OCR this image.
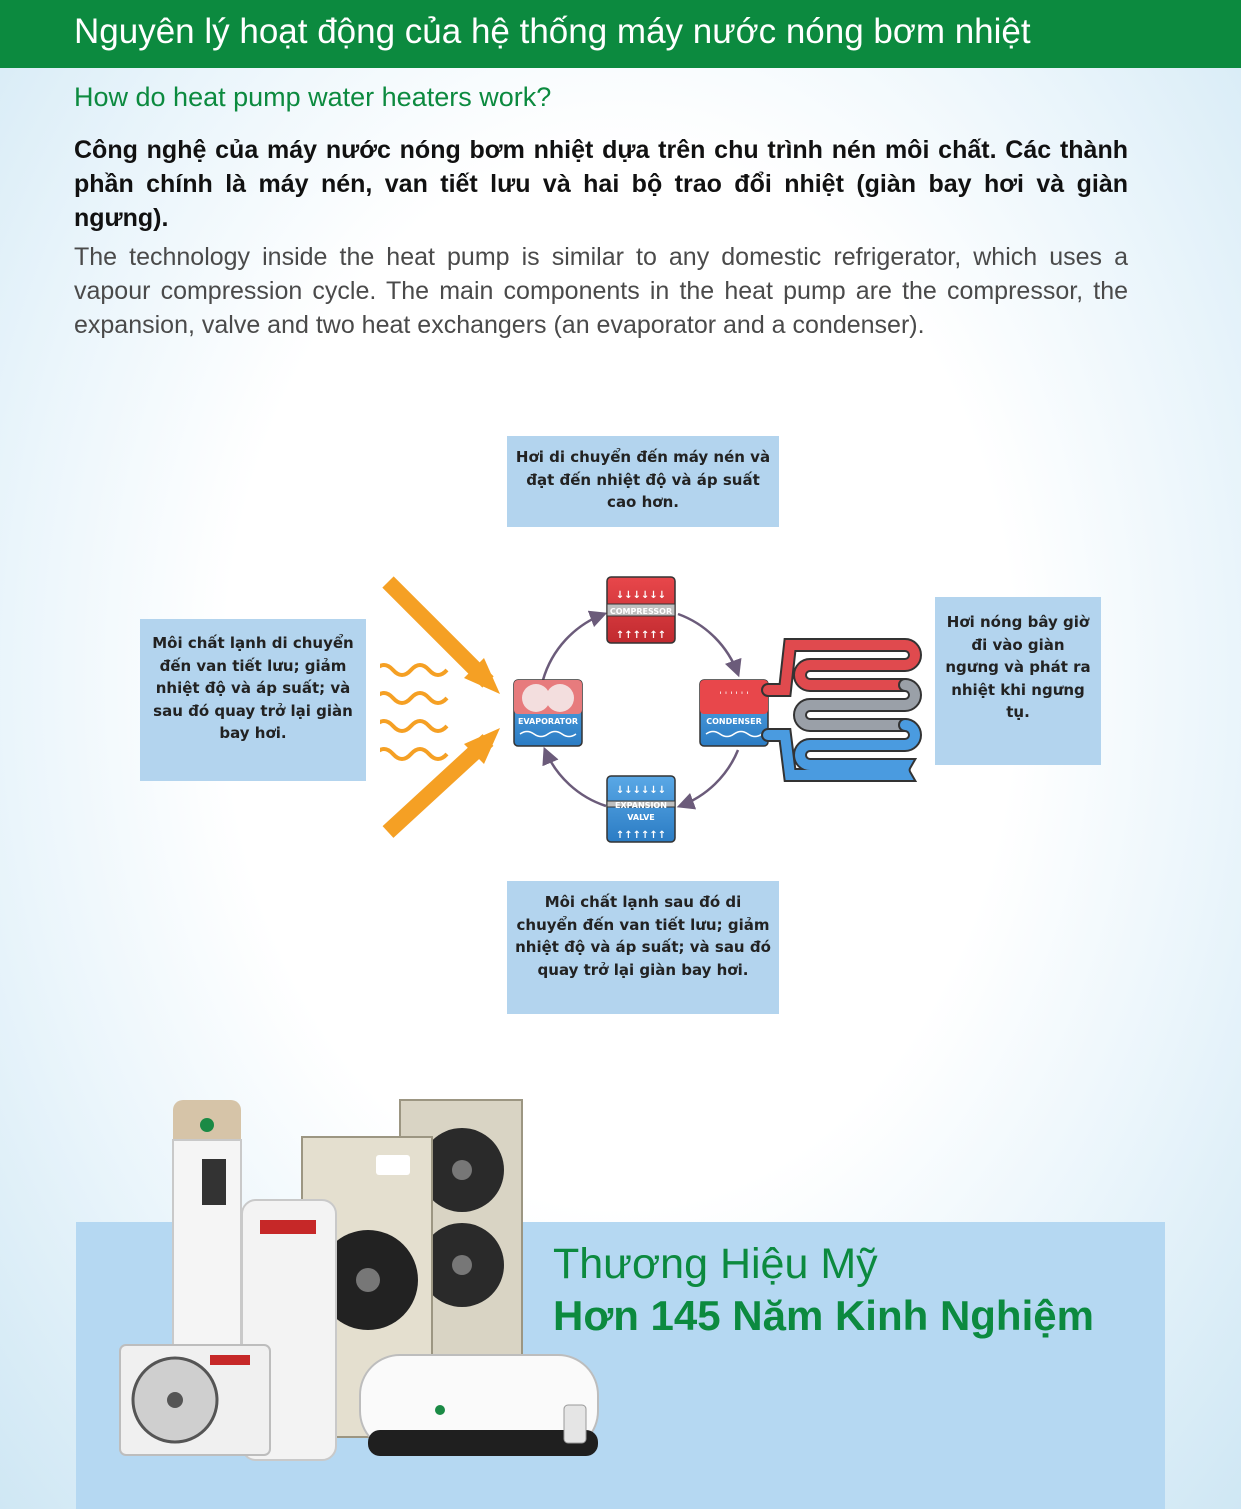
Nguyên lý hoạt động của hệ thống máy nước nóng bơm nhiệt
How do heat pump water heaters work?
Công nghệ của máy nước nóng bơm nhiệt dựa trên chu trình nén môi chất. Các thành phần chính là máy nén, van tiết lưu và hai bộ trao đổi nhiệt (giàn bay hơi và giàn ngưng).
The technology inside the heat pump is similar to any domestic refrigerator, which uses a vapour compression cycle. The main components in the heat pump are the compressor, the expansion, valve and two heat exchangers (an evaporator and a condenser).
Hơi di chuyển đến máy nén và đạt đến nhiệt độ và áp suất cao hơn.
Môi chất lạnh di chuyển đến van tiết lưu; giảm nhiệt độ và áp suất; và sau đó quay trở lại giàn bay hơi.
Hơi nóng bây giờ đi vào giàn ngưng và phát ra nhiệt khi ngưng tụ.
Môi chất lạnh sau đó di chuyển đến van tiết lưu; giảm nhiệt độ và áp suất; và sau đó quay trở lại giàn bay hơi.
↓↓↓↓↓↓
↑↑↑↑↑↑
COMPRESSOR
EVAPORATOR
' ' ' ' ' '
CONDENSER
↓↓↓↓↓↓
↑↑↑↑↑↑
EXPANSION
VALVE
Thương Hiệu Mỹ
Hơn 145 Năm Kinh Nghiệm
